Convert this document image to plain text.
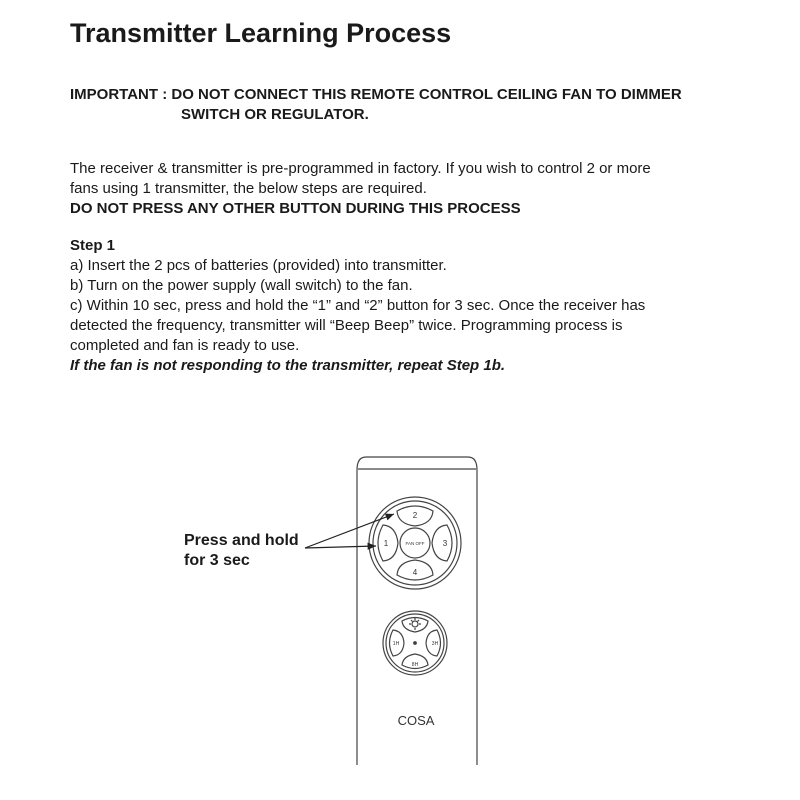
Transmitter Learning Process
IMPORTANT : DO NOT CONNECT THIS REMOTE CONTROL CEILING FAN TO DIMMER
SWITCH OR REGULATOR.
The receiver & transmitter is pre-programmed in factory. If you wish to control 2 or more
fans using 1 transmitter, the below steps are required.
DO NOT PRESS ANY OTHER BUTTON DURING THIS PROCESS
Step 1
a) Insert the 2 pcs of batteries (provided) into transmitter.
b) Turn on the power supply (wall switch) to the fan.
c) Within 10 sec, press and hold the “1” and “2” button for 3 sec. Once the receiver has
detected the frequency, transmitter will “Beep Beep” twice. Programming process is
completed and fan is ready to use.
If the fan is not responding to the transmitter, repeat Step 1b.
Press and hold
for 3 sec
2
1	3
4
FAN OFF
1H	3H
8H
COSA
